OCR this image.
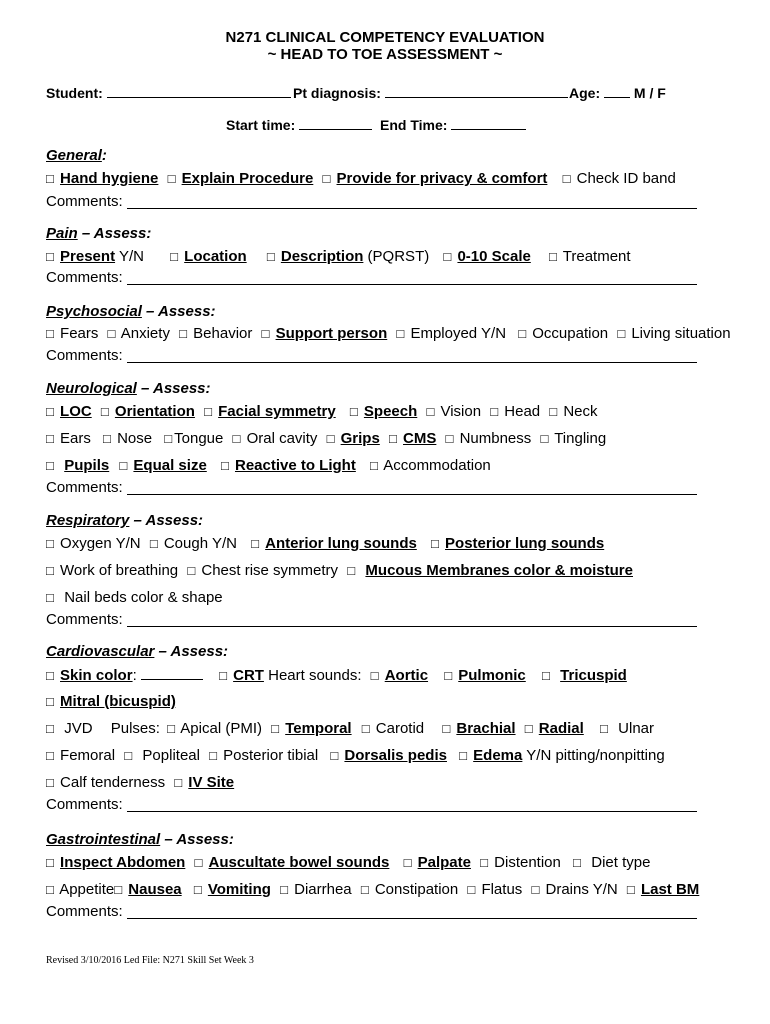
N271 CLINICAL COMPETENCY EVALUATION
~ HEAD TO TOE ASSESSMENT ~
Student:	Pt diagnosis:	Age: M / F
Start time:	End Time:
General:
□ Hand hygiene □ Explain Procedure □ Provide for privacy & comfort □ Check ID band
Comments:
Pain – Assess:
□ Present Y/N □ Location □ Description (PQRST) □ 0-10 Scale □ Treatment
Comments:
Psychosocial – Assess:
□ Fears □ Anxiety □ Behavior □ Support person □ Employed Y/N □ Occupation □ Living situation
Comments:
Neurological – Assess:
□ LOC □ Orientation □ Facial symmetry □ Speech □ Vision □ Head □ Neck
□ Ears □ Nose □ Tongue □ Oral cavity □ Grips □ CMS □ Numbness □ Tingling
□ Pupils □ Equal size □ Reactive to Light □ Accommodation
Comments:
Respiratory – Assess:
□ Oxygen Y/N □ Cough Y/N □ Anterior lung sounds □ Posterior lung sounds
□ Work of breathing □ Chest rise symmetry □ Mucous Membranes color & moisture
□ Nail beds color & shape
Comments:
Cardiovascular – Assess:
□ Skin color:	□ CRT Heart sounds: □ Aortic □ Pulmonic □ Tricuspid
□ Mitral (bicuspid)
□ JVD Pulses: □ Apical (PMI) □ Temporal □ Carotid □ Brachial □ Radial □ Ulnar
□ Femoral □ Popliteal □ Posterior tibial □ Dorsalis pedis □ Edema Y/N pitting/nonpitting
□ Calf tenderness □ IV Site
Comments:
Gastrointestinal – Assess:
□ Inspect Abdomen □ Auscultate bowel sounds □ Palpate □ Distention □ Diet type
□ Appetite□ Nausea □ Vomiting □ Diarrhea □ Constipation □ Flatus □ Drains Y/N □ Last BM
Comments:
Revised 3/10/2016 Led File: N271 Skill Set Week 3
